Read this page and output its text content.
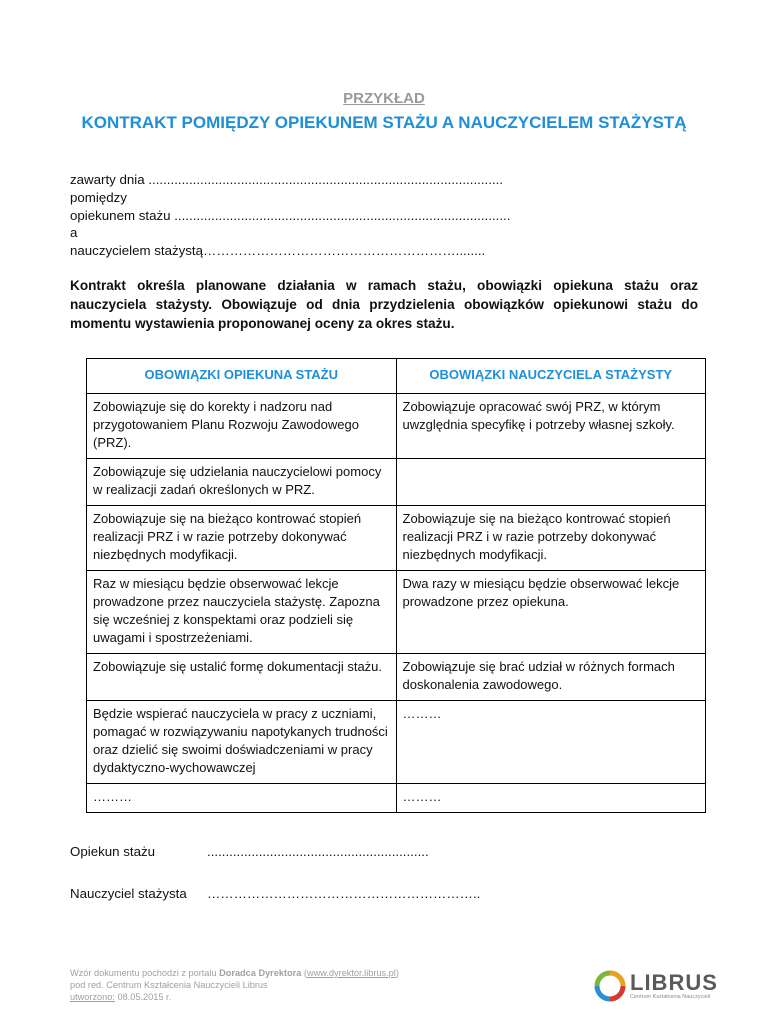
PRZYKŁAD
KONTRAKT POMIĘDZY OPIEKUNEM STAŻU A NAUCZYCIELEM STAŻYSTĄ
zawarty dnia ................................................................................................
pomiędzy
opiekunem stażu ...........................................................................................
a
nauczycielem stażystą…………………………………………………........
Kontrakt określa planowane działania w ramach stażu, obowiązki opiekuna stażu oraz nauczyciela stażysty. Obowiązuje od dnia przydzielenia obowiązków opiekunowi stażu do momentu wystawienia proponowanej oceny za okres stażu.
OBOWIĄZKI OPIEKUNA STAŻU	OBOWIĄZKI NAUCZYCIELA STAŻYSTY
Zobowiązuje się do korekty i nadzoru nad przygotowaniem Planu Rozwoju Zawodowego (PRZ).	Zobowiązuje opracować swój PRZ, w którym uwzględnia specyfikę i potrzeby własnej szkoły.
Zobowiązuje się udzielania nauczycielowi pomocy w realizacji zadań określonych w PRZ.	
Zobowiązuje się na bieżąco kontrować stopień realizacji PRZ i w razie potrzeby dokonywać niezbędnych modyfikacji.	Zobowiązuje się na bieżąco kontrować stopień realizacji PRZ i w razie potrzeby dokonywać niezbędnych modyfikacji.
Raz w miesiącu będzie obserwować lekcje prowadzone przez nauczyciela stażystę. Zapozna się wcześniej z konspektami oraz podzieli się uwagami i spostrzeżeniami.	Dwa razy w miesiącu będzie obserwować lekcje prowadzone przez opiekuna.
Zobowiązuje się ustalić formę dokumentacji stażu.	Zobowiązuje się brać udział w różnych formach doskonalenia zawodowego.
Będzie wspierać nauczyciela w pracy z uczniami, pomagać w rozwiązywaniu napotykanych trudności oraz dzielić się swoimi doświadczeniami w pracy dydaktyczno-wychowawczej	………
………	………
Opiekun stażu	............................................................
Nauczyciel stażysta	……………………………………………………..
Wzór dokumentu pochodzi z portalu Doradca Dyrektora (www.dyrektor.librus.pl)
pod red. Centrum Kształcenia Nauczycieli Librus
utworzono: 08.05.2015 r.
LIBRUS
Centrum Kształcenia Nauczycieli
